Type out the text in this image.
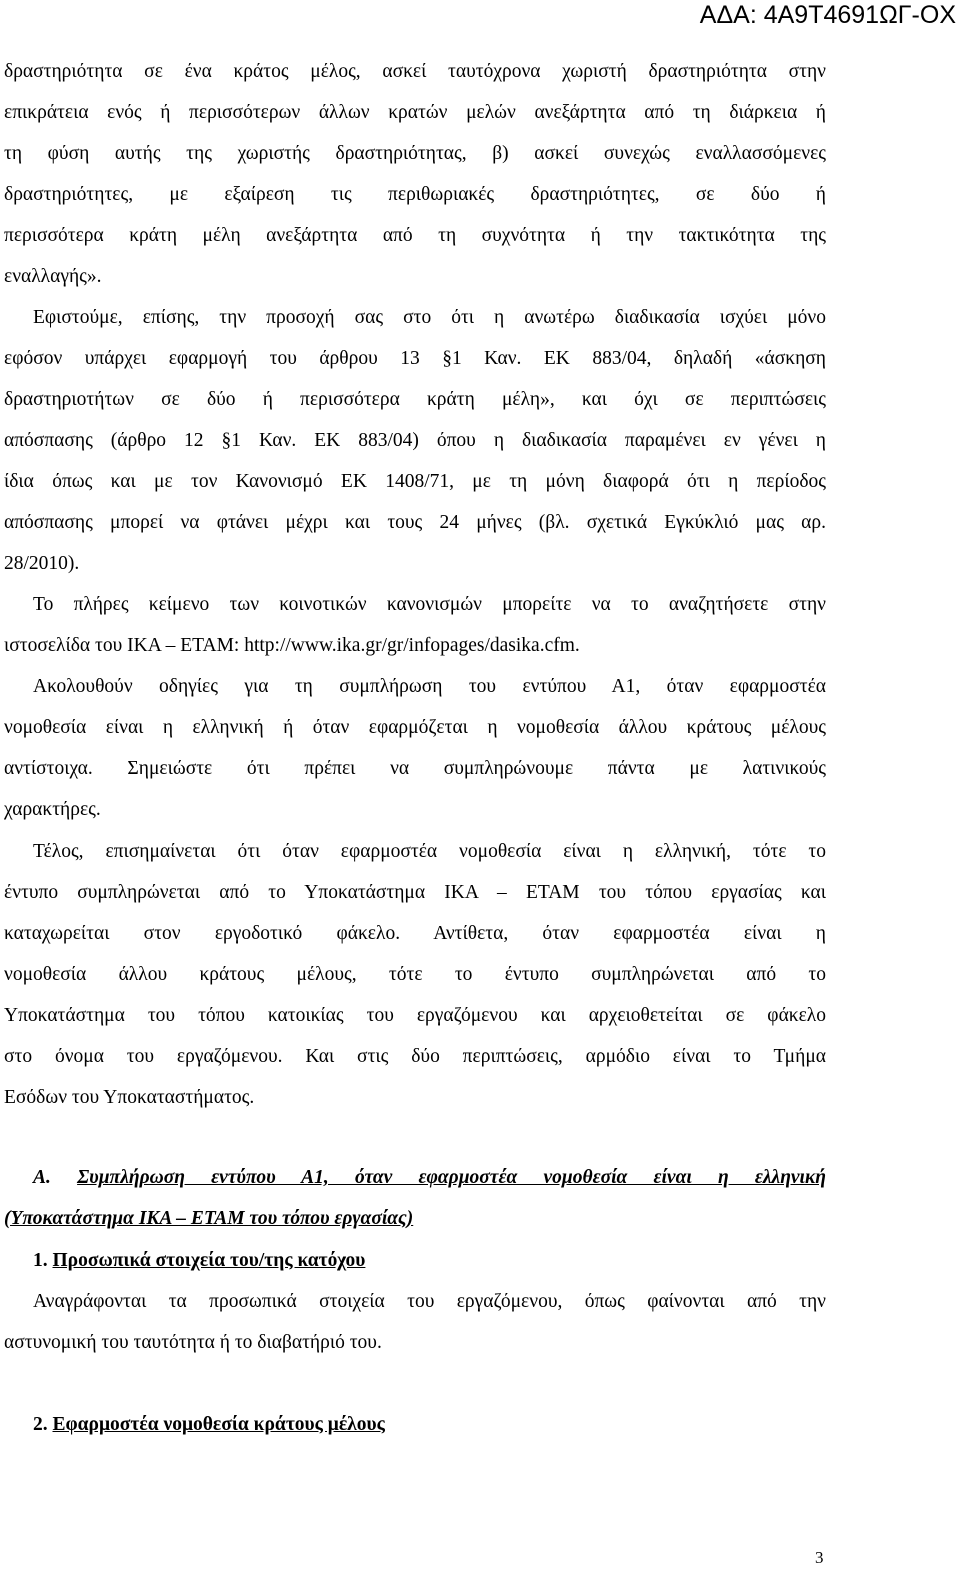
ΑΔΑ: 4Α9Τ4691ΩΓ-ΟΧ
δραστηριότητα σε ένα κράτος μέλος, ασκεί ταυτόχρονα χωριστή δραστηριότητα στην
επικράτεια ενός ή περισσότερων άλλων κρατών μελών ανεξάρτητα από τη διάρκεια ή
τη φύση αυτής της χωριστής δραστηριότητας, β) ασκεί συνεχώς εναλλασσόμενες
δραστηριότητες, με εξαίρεση τις περιθωριακές δραστηριότητες, σε δύο ή
περισσότερα κράτη μέλη ανεξάρτητα από τη συχνότητα ή την τακτικότητα της
εναλλαγής».
Εφιστούμε, επίσης, την προσοχή σας στο ότι η ανωτέρω διαδικασία ισχύει μόνο
εφόσον υπάρχει εφαρμογή του άρθρου 13 §1 Καν. ΕΚ 883/04, δηλαδή «άσκηση
δραστηριοτήτων σε δύο ή περισσότερα κράτη μέλη», και όχι σε περιπτώσεις
απόσπασης (άρθρο 12 §1 Καν. ΕΚ 883/04) όπου η διαδικασία παραμένει εν γένει η
ίδια όπως και με τον Κανονισμό ΕΚ 1408/71, με τη μόνη διαφορά ότι η περίοδος
απόσπασης μπορεί να φτάνει μέχρι και τους 24 μήνες (βλ. σχετικά Εγκύκλιό μας αρ.
28/2010).
Το πλήρες κείμενο των κοινοτικών κανονισμών μπορείτε να το αναζητήσετε στην
ιστοσελίδα του ΙΚΑ – ΕΤΑΜ: http://www.ika.gr/gr/infopages/dasika.cfm.
Ακολουθούν οδηγίες για τη συμπλήρωση του εντύπου Α1, όταν εφαρμοστέα
νομοθεσία είναι η ελληνική ή όταν εφαρμόζεται η νομοθεσία άλλου κράτους μέλους
αντίστοιχα. Σημειώστε ότι πρέπει να συμπληρώνουμε πάντα με λατινικούς
χαρακτήρες.
Τέλος, επισημαίνεται ότι όταν εφαρμοστέα νομοθεσία είναι η ελληνική, τότε το
έντυπο συμπληρώνεται από το Υποκατάστημα ΙΚΑ – ΕΤΑΜ του τόπου εργασίας και
καταχωρείται στον εργοδοτικό φάκελο. Αντίθετα, όταν εφαρμοστέα είναι η
νομοθεσία άλλου κράτους μέλους, τότε το έντυπο συμπληρώνεται από το
Υποκατάστημα του τόπου κατοικίας του εργαζόμενου και αρχειοθετείται σε φάκελο
στο όνομα του εργαζόμενου. Και στις δύο περιπτώσεις, αρμόδιο είναι το Τμήμα
Εσόδων του Υποκαταστήματος.
Α. Συμπλήρωση εντύπου Α1, όταν εφαρμοστέα νομοθεσία είναι η ελληνική
(Υποκατάστημα ΙΚΑ – ΕΤΑΜ του τόπου εργασίας)
1. Προσωπικά στοιχεία του/της κατόχου
Αναγράφονται τα προσωπικά στοιχεία του εργαζόμενου, όπως φαίνονται από την
αστυνομική του ταυτότητα ή το διαβατήριό του.
2. Εφαρμοστέα νομοθεσία κράτους μέλους
3
